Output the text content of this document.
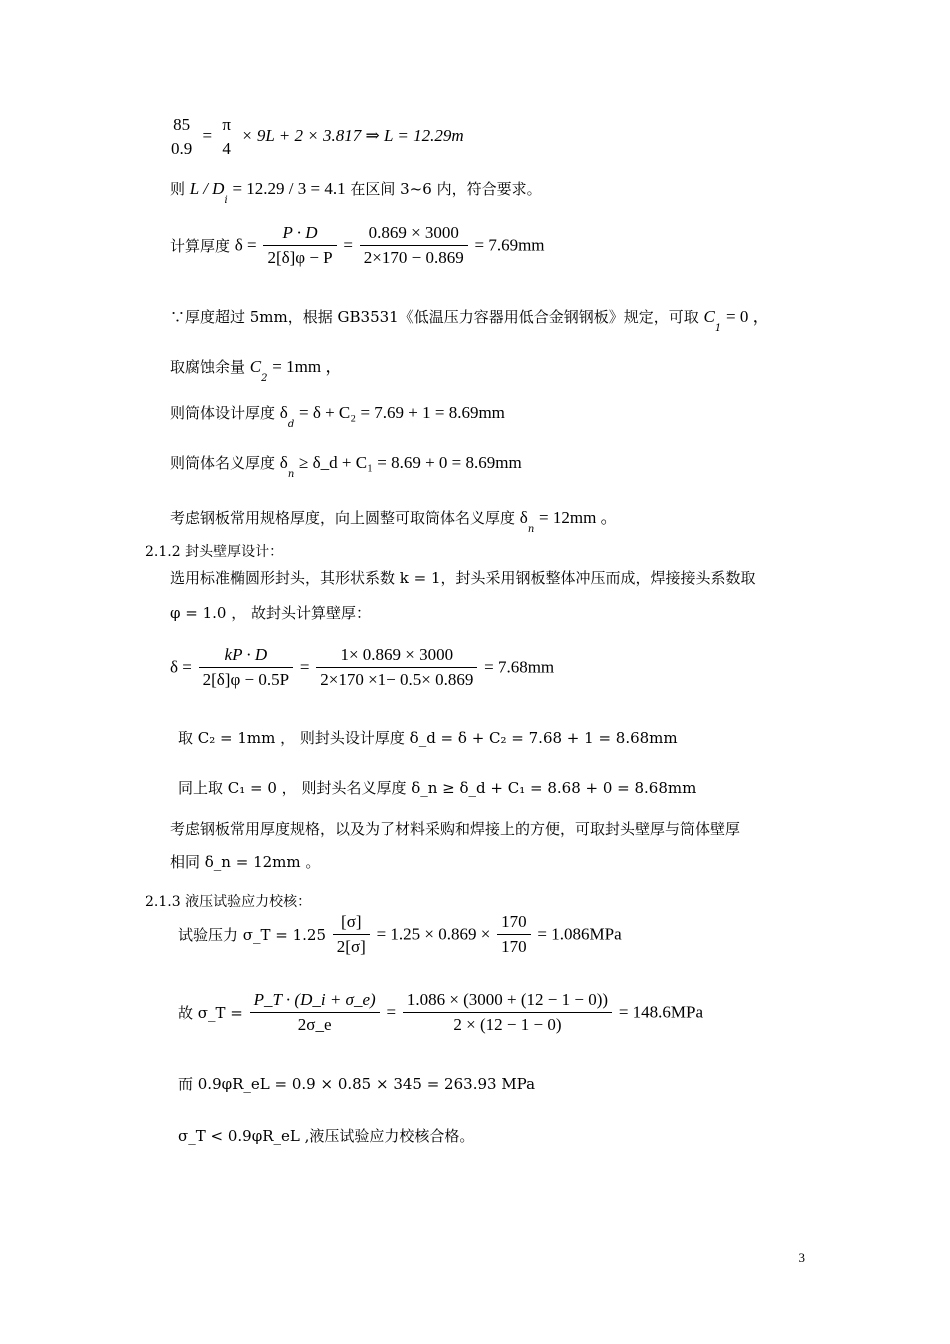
85
0.9
=
π
4
× 9L + 2 × 3.817 ⇒ L = 12.29m
则 $L / D_i = 12.29 / 3 = 4.1$ 在区间 3~6 内，符合要求。
计算厚度 $\delta = \frac{P \cdot D}{2[\delta]\varphi - P} = \frac{0.869 \times 3000}{2\times 170 - 0.869} = 7.69mm$
∵厚度超过 5mm，根据 GB3531《低温压力容器用低合金钢钢板》规定，可取 $C_1 = 0$ ，
取腐蚀余量 $C_2 = 1mm$ ，
则筒体设计厚度 $\delta_d = \delta + C_2 = 7.69 + 1 = 8.69mm$
则筒体名义厚度 $\delta_n$ ≥ δ_d + C₁ = 8.69 + 0 = 8.69mm
考虑钢板常用规格厚度，向上圆整可取筒体名义厚度 $\delta_n = 12mm$ 。
2.1.2 封头壁厚设计：
选用标准椭圆形封头，其形状系数 k = 1，封头采用钢板整体冲压而成，焊接接头系数取
φ = 1.0 ， 故封头计算壁厚：
$\delta = \frac{kP \cdot D}{2[\delta]\varphi - 0.5P} = \frac{1\times 0.869 \times 3000}{2\times 170 \times 1- 0.5\times 0.869} = 7.68mm$
取 C₂ = 1mm ， 则封头设计厚度 δ_d = δ + C₂ = 7.68 + 1 = 8.68mm
同上取 C₁ = 0 ， 则封头名义厚度 δ_n ≥ δ_d + C₁ = 8.68 + 0 = 8.68mm
考虑钢板常用厚度规格，以及为了材料采购和焊接上的方便，可取封头壁厚与筒体壁厚
相同 δ_n = 12mm 。
2.1.3 液压试验应力校核：
试验压力 σ_T = $1.25 \frac{[\sigma]}{2[\sigma]} = 1.25 \times 0.869 \times \frac{170}{170} = 1.086MPa$
故 σ_T = $\frac{P\_T \cdot (D\_i + \sigma\_e)}{2\sigma\_e} = \frac{1.086 \times (3000 + (12 - 1 - 0))}{2 \times (12 - 1 - 0)} = 148.6MPa$
而 0.9φR_eL = 0.9 × 0.85 × 345 = 263.93 MPa
σ_T < 0.9φR_eL ,液压试验应力校核合格。
3
